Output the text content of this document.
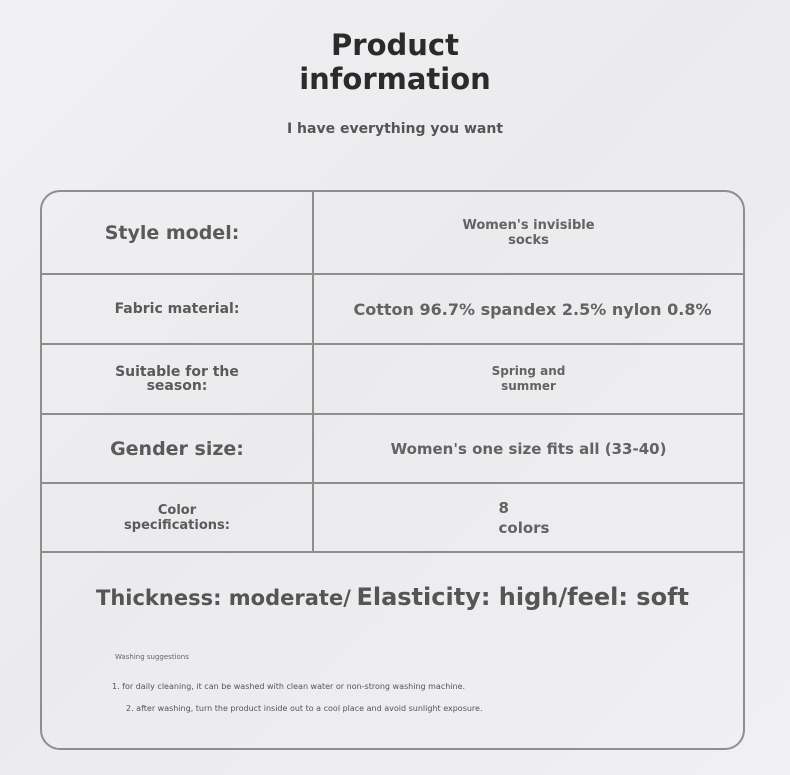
Product
information
I have everything you want
Style model:	Women's invisible socks
Fabric material:	Cotton 96.7% spandex 2.5% nylon 0.8%
Suitable for the season:
Spring and summer
Gender size:	Women's one size fits all (33-40)
Color specifications:
8 colors
Thickness: moderate/ Elasticity: high/feel: soft
Washing suggestions
1. for daily cleaning, it can be washed with clean water or non-strong washing machine.
2. after washing, turn the product inside out to a cool place and avoid sunlight exposure.
